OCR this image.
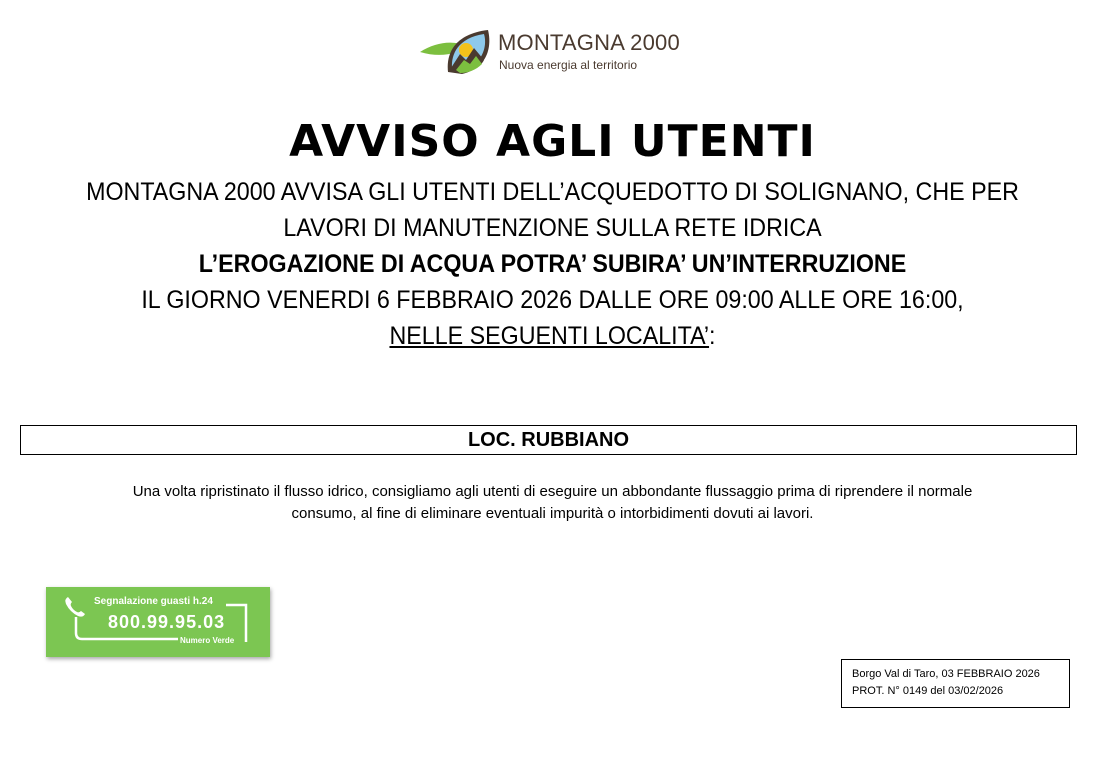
MONTAGNA 2000
Nuova energia al territorio
AVVISO AGLI UTENTI
MONTAGNA 2000 AVVISA GLI UTENTI DELL’ACQUEDOTTO DI SOLIGNANO, CHE PER
LAVORI DI MANUTENZIONE SULLA RETE IDRICA
L’EROGAZIONE DI ACQUA POTRA’ SUBIRA’ UN’INTERRUZIONE
IL GIORNO VENERDI 6 FEBBRAIO 2026 DALLE ORE 09:00 ALLE ORE 16:00,
NELLE SEGUENTI LOCALITA’:
LOC. RUBBIANO
Una volta ripristinato il flusso idrico, consigliamo agli utenti di eseguire un abbondante flussaggio prima di riprendere il normale
consumo, al fine di eliminare eventuali impurità o intorbidimenti dovuti ai lavori.
Segnalazione guasti h.24
800.99.95.03
Numero Verde
Borgo Val di Taro, 03 FEBBRAIO 2026
PROT. N° 0149 del 03/02/2026
